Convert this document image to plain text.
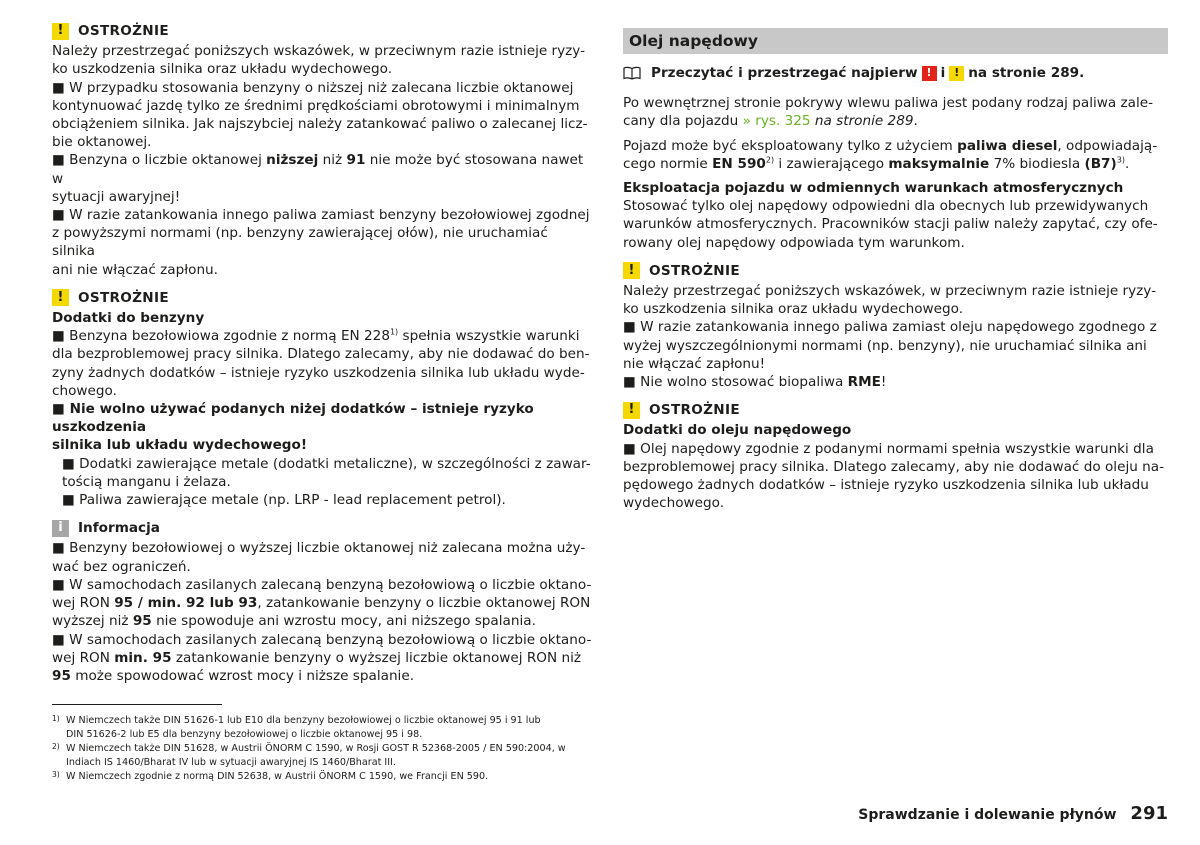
!	OSTROŻNIE

Należy przestrzegać poniższych wskazówek, w przeciwnym razie istnieje ryzy-

ko uszkodzenia silnika oraz układu wydechowego.

■ W przypadku stosowania benzyny o niższej niż zalecana liczbie oktanowej

kontynuować jazdę tylko ze średnimi prędkościami obrotowymi i minimalnym

obciążeniem silnika. Jak najszybciej należy zatankować paliwo o zalecanej licz-

bie oktanowej.

■ Benzyna o liczbie oktanowej niższej niż 91 nie może być stosowana nawet w

sytuacji awaryjnej!

■ W razie zatankowania innego paliwa zamiast benzyny bezołowiowej zgodnej

z powyższymi normami (np. benzyny zawierającej ołów), nie uruchamiać silnika

ani nie włączać zapłonu.

!	OSTROŻNIE

Dodatki do benzyny

■ Benzyna bezołowiowa zgodnie z normą EN 228$^{1)}$ spełnia wszystkie warunki

dla bezproblemowej pracy silnika. Dlatego zalecamy, aby nie dodawać do ben-

zyny żadnych dodatków – istnieje ryzyko uszkodzenia silnika lub układu wyde-

chowego.

■ Nie wolno używać podanych niżej dodatków – istnieje ryzyko uszkodzenia

silnika lub układu wydechowego!

■ Dodatki zawierające metale (dodatki metaliczne), w szczególności z zawar-

tością manganu i żelaza.

■ Paliwa zawierające metale (np. LRP - lead replacement petrol).

i	Informacja

■ Benzyny bezołowiowej o wyższej liczbie oktanowej niż zalecana można uży-

wać bez ograniczeń.

■ W samochodach zasilanych zalecaną benzyną bezołowiową o liczbie oktano-

wej RON 95 / min. 92 lub 93, zatankowanie benzyny o liczbie oktanowej RON

wyższej niż 95 nie spowoduje ani wzrostu mocy, ani niższego spalania.

■ W samochodach zasilanych zalecaną benzyną bezołowiową o liczbie oktano-

wej RON min. 95 zatankowanie benzyny o wyższej liczbie oktanowej RON niż

95 może spowodować wzrost mocy i niższe spalanie.

Olej napędowy
Przeczytać i przestrzegać najpierw ! i ! na stronie 289.

Po wewnętrznej stronie pokrywy wlewu paliwa jest podany rodzaj paliwa zale-

cany dla pojazdu » rys. 325 na stronie 289.

Pojazd może być eksploatowany tylko z użyciem paliwa diesel, odpowiadają-

cego normie EN 590$^{2)}$ i zawierającego maksymalnie 7% biodiesla $(B7)^{3)}$.

Eksploatacja pojazdu w odmiennych warunkach atmosferycznych

Stosować tylko olej napędowy odpowiedni dla obecnych lub przewidywanych

warunków atmosferycznych. Pracowników stacji paliw należy zapytać, czy ofe-

rowany olej napędowy odpowiada tym warunkom.

!	OSTROŻNIE

Należy przestrzegać poniższych wskazówek, w przeciwnym razie istnieje ryzy-

ko uszkodzenia silnika oraz układu wydechowego.

■ W razie zatankowania innego paliwa zamiast oleju napędowego zgodnego z

wyżej wyszczególnionymi normami (np. benzyny), nie uruchamiać silnika ani

nie włączać zapłonu!

■ Nie wolno stosować biopaliwa RME!

!	OSTROŻNIE

Dodatki do oleju napędowego

■ Olej napędowy zgodnie z podanymi normami spełnia wszystkie warunki dla

bezproblemowej pracy silnika. Dlatego zalecamy, aby nie dodawać do oleju na-

pędowego żadnych dodatków – istnieje ryzyko uszkodzenia silnika lub układu

wydechowego.

1) W Niemczech także DIN 51626-1 lub E10 dla benzyny bezołowiowej o liczbie oktanowej 95 i 91 lub
DIN 51626-2 lub E5 dla benzyny bezołowiowej o liczbie oktanowej 95 i 98.
2) W Niemczech także DIN 51628, w Austrii ÖNORM C 1590, w Rosji GOST R 52368-2005 / EN 590:2004, w
Indiach IS 1460/Bharat IV lub w sytuacji awaryjnej IS 1460/Bharat III.
3) W Niemczech zgodnie z normą DIN 52638, w Austrii ÖNORM C 1590, we Francji EN 590.
Sprawdzanie i dolewanie płynów 291
